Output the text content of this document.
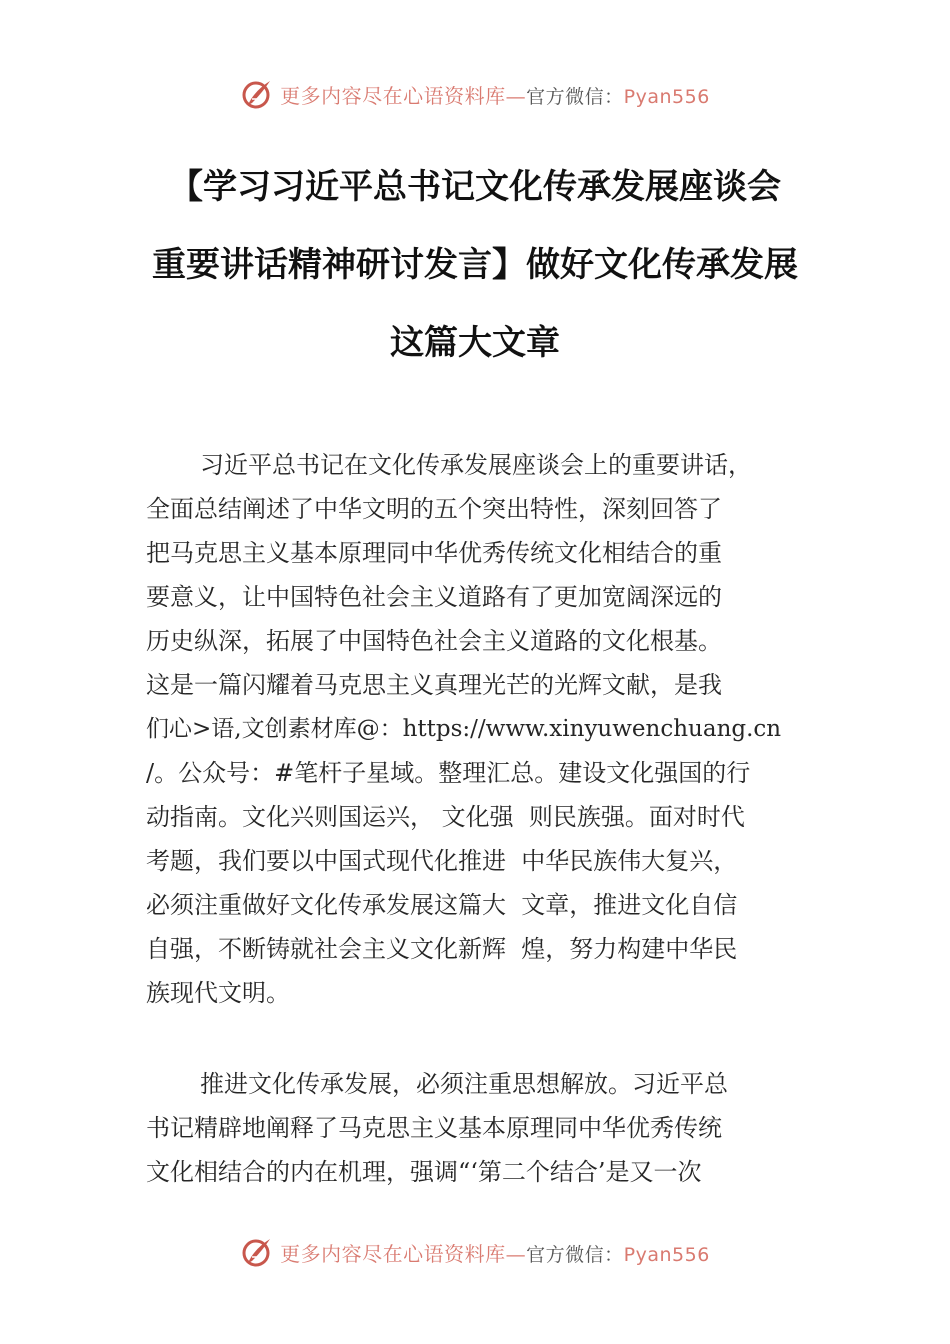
更多内容尽在心语资料库—官方微信：Pyan556
【学习习近平总书记文化传承发展座谈会
重要讲话精神研讨发言】做好文化传承发展
这篇大文章
习近平总书记在文化传承发展座谈会上的重要讲话，
全面总结阐述了中华文明的五个突出特性，深刻回答了
把马克思主义基本原理同中华优秀传统文化相结合的重
要意义，让中国特色社会主义道路有了更加宽阔深远的
历史纵深，拓展了中国特色社会主义道路的文化根基。
这是一篇闪耀着马克思主义真理光芒的光辉文献，是我
们心>语,文创素材库@：https://www.xinyuwenchuang.cn
/。公众号：#笔杆子星域。整理汇总。建设文化强国的行
动指南。文化兴则国运兴， 文化强  则民族强。面对时代
考题，我们要以中国式现代化推进  中华民族伟大复兴，
必须注重做好文化传承发展这篇大  文章，推进文化自信
自强，不断铸就社会主义文化新辉  煌，努力构建中华民
族现代文明。
推进文化传承发展，必须注重思想解放。习近平总
书记精辟地阐释了马克思主义基本原理同中华优秀传统
文化相结合的内在机理，强调“‘第二个结合’是又一次
更多内容尽在心语资料库—官方微信：Pyan556
